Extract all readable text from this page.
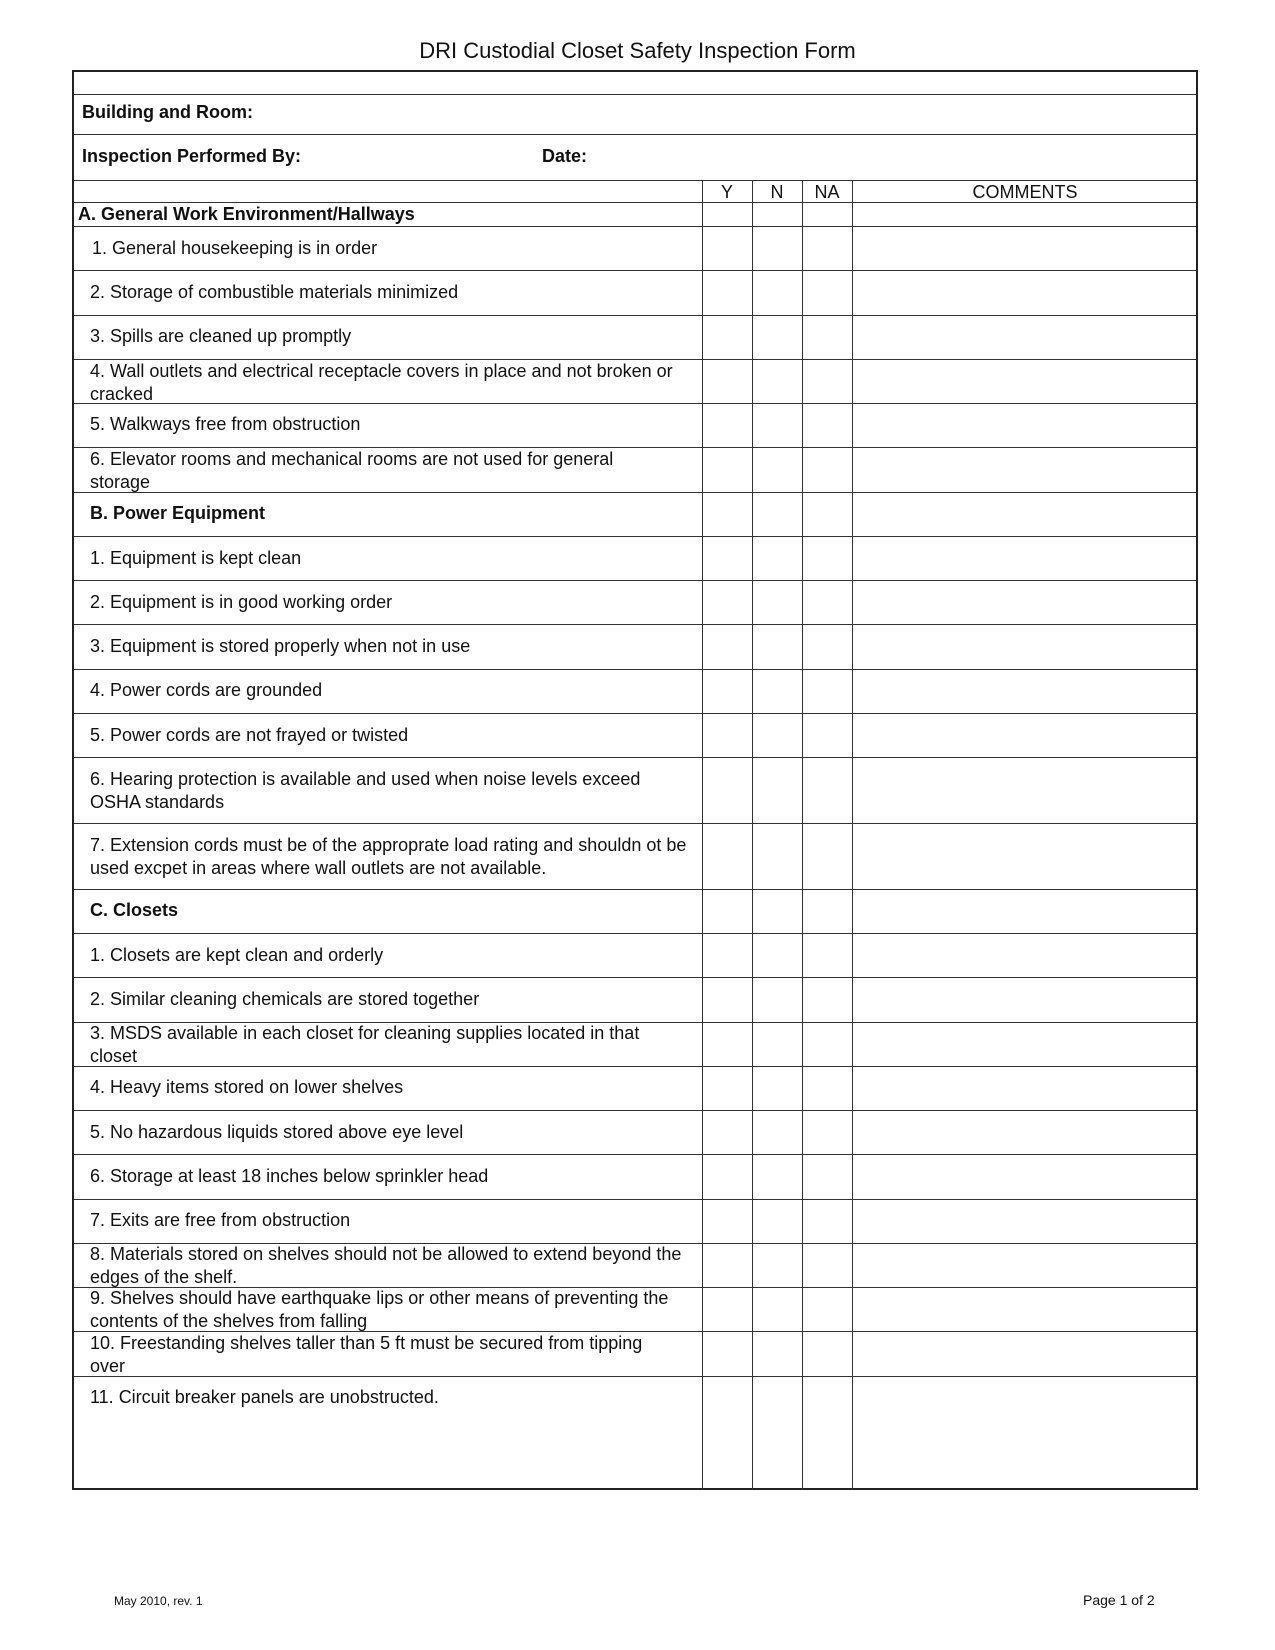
DRI Custodial Closet Safety Inspection Form
Building and Room:
Inspection Performed By:	Date:
Y	N	NA	COMMENTS
A. General Work Environment/Hallways
1. General housekeeping is in order
2. Storage of combustible materials minimized
3. Spills are cleaned up promptly
4. Wall outlets and electrical receptacle covers in place and not broken or cracked
5. Walkways free from obstruction
6. Elevator rooms and mechanical rooms are not used for general storage
B. Power Equipment
1. Equipment is kept clean
2. Equipment is in good working order
3. Equipment is stored properly when not in use
4. Power cords are grounded
5. Power cords are not frayed or twisted
6. Hearing protection is available and used when noise levels exceed OSHA standards
7. Extension cords must be of the approprate load rating and shouldn ot be used excpet in areas where wall outlets are not available.
C. Closets
1. Closets are kept clean and orderly
2. Similar cleaning chemicals are stored together
3. MSDS available in each closet for cleaning supplies located in that closet
4. Heavy items stored on lower shelves
5. No hazardous liquids stored above eye level
6. Storage at least 18 inches below sprinkler head
7. Exits are free from obstruction
8. Materials stored on shelves should not be allowed to extend beyond the edges of the shelf.
9. Shelves should have earthquake lips or other means of preventing the contents of the shelves from falling
10. Freestanding shelves taller than 5 ft must be secured from tipping over
11. Circuit breaker panels are unobstructed.
May 2010, rev. 1	Page 1 of 2
